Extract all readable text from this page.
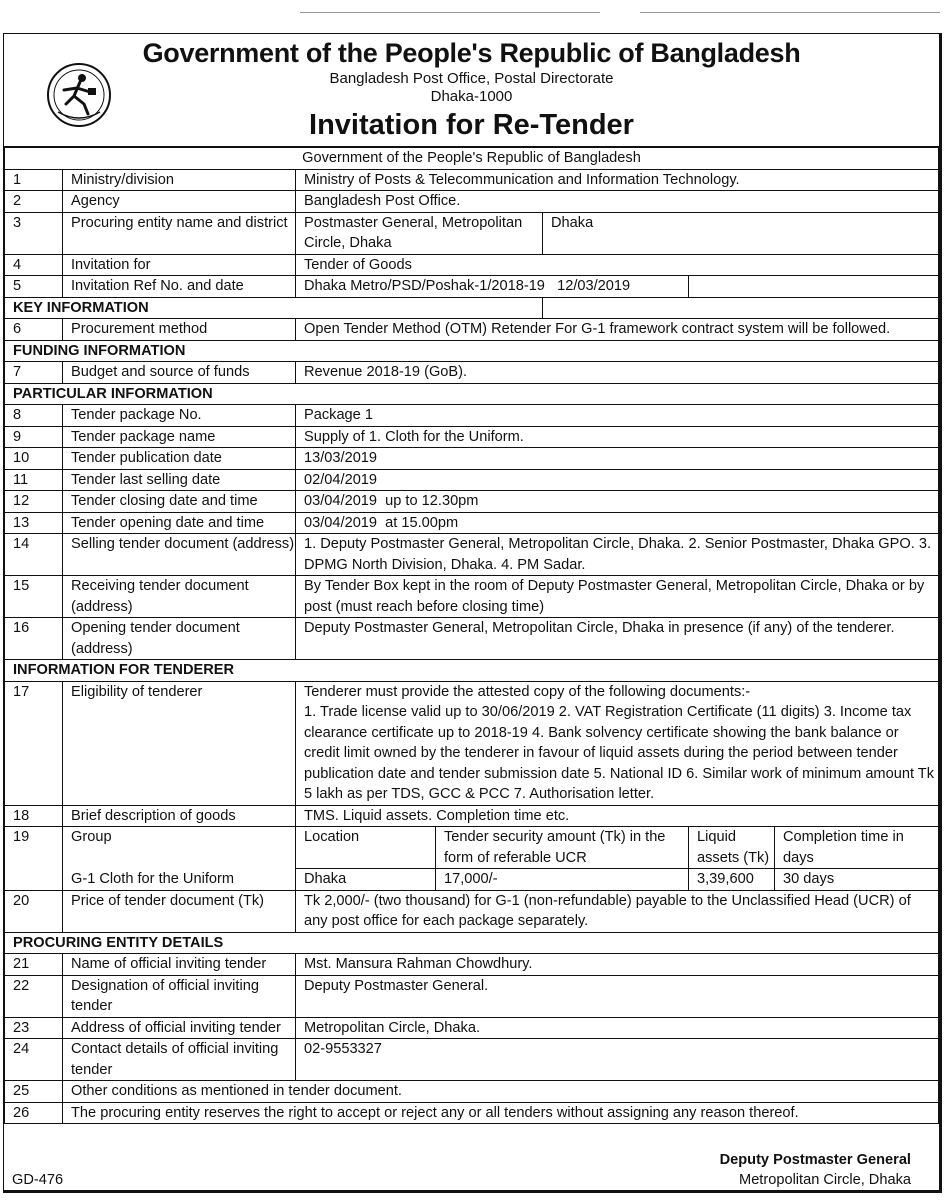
Government of the People's Republic of Bangladesh
Bangladesh Post Office, Postal Directorate
Dhaka-1000
Invitation for Re-Tender
Government of the People's Republic of Bangladesh						
1	Ministry/division	Ministry of Posts & Telecommunication and Information Technology.				
2	Agency	Bangladesh Post Office.				
3	Procuring entity name and district	Postmaster General, Metropolitan Circle, Dhaka		Dhaka		
4	Invitation for	Tender of Goods				
5	Invitation Ref No. and date	Dhaka Metro/PSD/Poshak-1/2018-19   12/03/2019				
KEY INFORMATION						
6	Procurement method	Open Tender Method (OTM) Retender For G-1 framework contract system will be followed.				
FUNDING INFORMATION						
7	Budget and source of funds	Revenue 2018-19 (GoB).				
PARTICULAR INFORMATION						
8	Tender package No.	Package 1				
9	Tender package name	Supply of 1. Cloth for the Uniform.				
10	Tender publication date	13/03/2019				
11	Tender last selling date	02/04/2019				
12	Tender closing date and time	03/04/2019  up to 12.30pm				
13	Tender opening date and time	03/04/2019  at 15.00pm				
14	Selling tender document (address)	1. Deputy Postmaster General, Metropolitan Circle, Dhaka. 2. Senior Postmaster, Dhaka GPO. 3. DPMG North Division, Dhaka. 4. PM Sadar.				
15	Receiving tender document (address)	By Tender Box kept in the room of Deputy Postmaster General, Metropolitan Circle, Dhaka or by post (must reach before closing time)				
16	Opening tender document (address)	Deputy Postmaster General, Metropolitan Circle, Dhaka in presence (if any) of the tenderer.				
INFORMATION FOR TENDERER						
17	Eligibility of tenderer	Tenderer must provide the attested copy of the following documents:-
1. Trade license valid up to 30/06/2019 2. VAT Registration Certificate (11 digits) 3. Income tax clearance certificate up to 2018-19 4. Bank solvency certificate showing the bank balance or credit limit owned by the tenderer in favour of liquid assets during the period between tender publication date and tender submission date 5. National ID 6. Similar work of minimum amount Tk 5 lakh as per TDS, GCC & PCC 7. Authorisation letter.				

18	Brief description of goods	TMS. Liquid assets. Completion time etc.				
19	Group	Location	Tender security amount (Tk) in the form of referable UCR		Liquid assets (Tk)	Completion time in days
	G-1 Cloth for the Uniform	Dhaka	17,000/-		3,39,600	30 days
20	Price of tender document (Tk)	Tk 2,000/- (two thousand) for G-1 (non-refundable) payable to the Unclassified Head (UCR) of any post office for each package separately.				
PROCURING ENTITY DETAILS						
21	Name of official inviting tender	Mst. Mansura Rahman Chowdhury.				
22	Designation of official inviting tender	Deputy Postmaster General.				
23	Address of official inviting tender	Metropolitan Circle, Dhaka.				
24	Contact details of official inviting tender	02-9553327				
25	Other conditions as mentioned in tender document.					
26	The procuring entity reserves the right to accept or reject any or all tenders without assigning any reason thereof.					
GD-476
Deputy Postmaster General
Metropolitan Circle, Dhaka
